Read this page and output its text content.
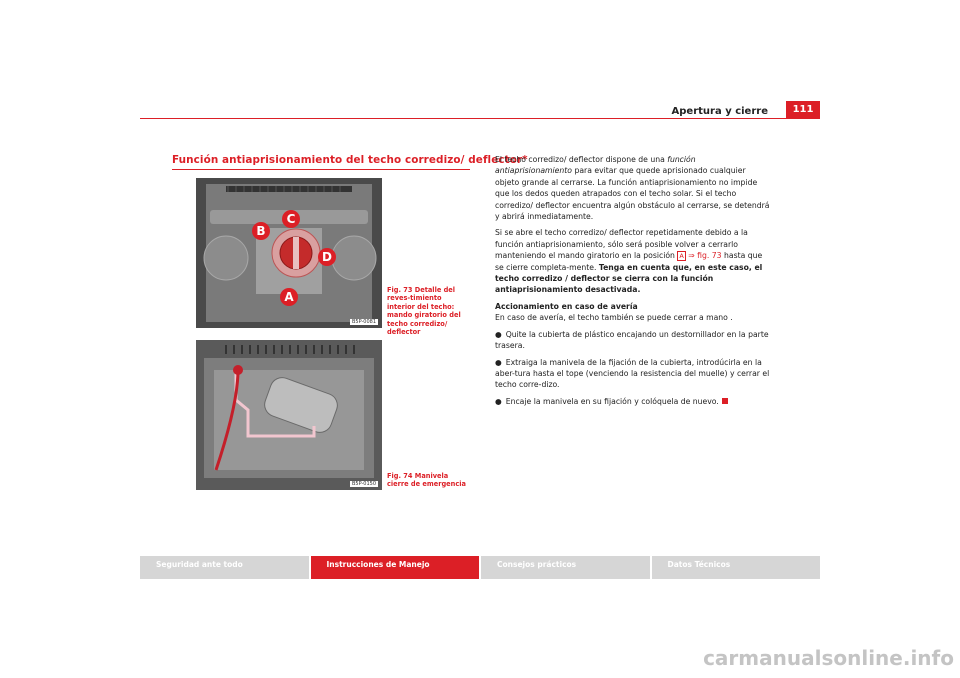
Apertura y cierre	111
Función antiaprisionamiento del techo corredizo/ deflector*
C
B
D
A
B5P-0081
Fig. 73 Detalle del reves-timiento interior del techo: mando giratorio del techo corredizo/ deflector
B5P-0150
Fig. 74 Manivela cierre de emergencia

El techo corredizo/ deflector dispone de una función antiaprisionamiento para evitar que quede aprisionado cualquier objeto grande al cerrarse. La función antiaprisionamiento no impide que los dedos queden atrapados con el techo solar. Si el techo corredizo/ deflector encuentra algún obstáculo al cerrarse, se detendrá y abrirá inmediatamente.

Si se abre el techo corredizo/ deflector repetidamente debido a la función antiaprisionamiento, sólo será posible volver a cerrarlo manteniendo el mando giratorio en la posición A ⇒ fig. 73 hasta que se cierre completa-mente. Tenga en cuenta que, en este caso, el techo corredizo / deflector se cierra con la función antiaprisionamiento desactivada.

Accionamiento en caso de avería

En caso de avería, el techo también se puede cerrar a mano .

● Quite la cubierta de plástico encajando un destornillador en la parte trasera.

● Extraiga la manivela de la fijación de la cubierta, introdúcirla en la aber-tura hasta el tope (venciendo la resistencia del muelle) y cerrar el techo corre-dizo.

● Encaje la manivela en su fijación y colóquela de nuevo.

Seguridad ante todo	Instrucciones de Manejo	Consejos prácticos	Datos Técnicos
carmanualsonline.info
